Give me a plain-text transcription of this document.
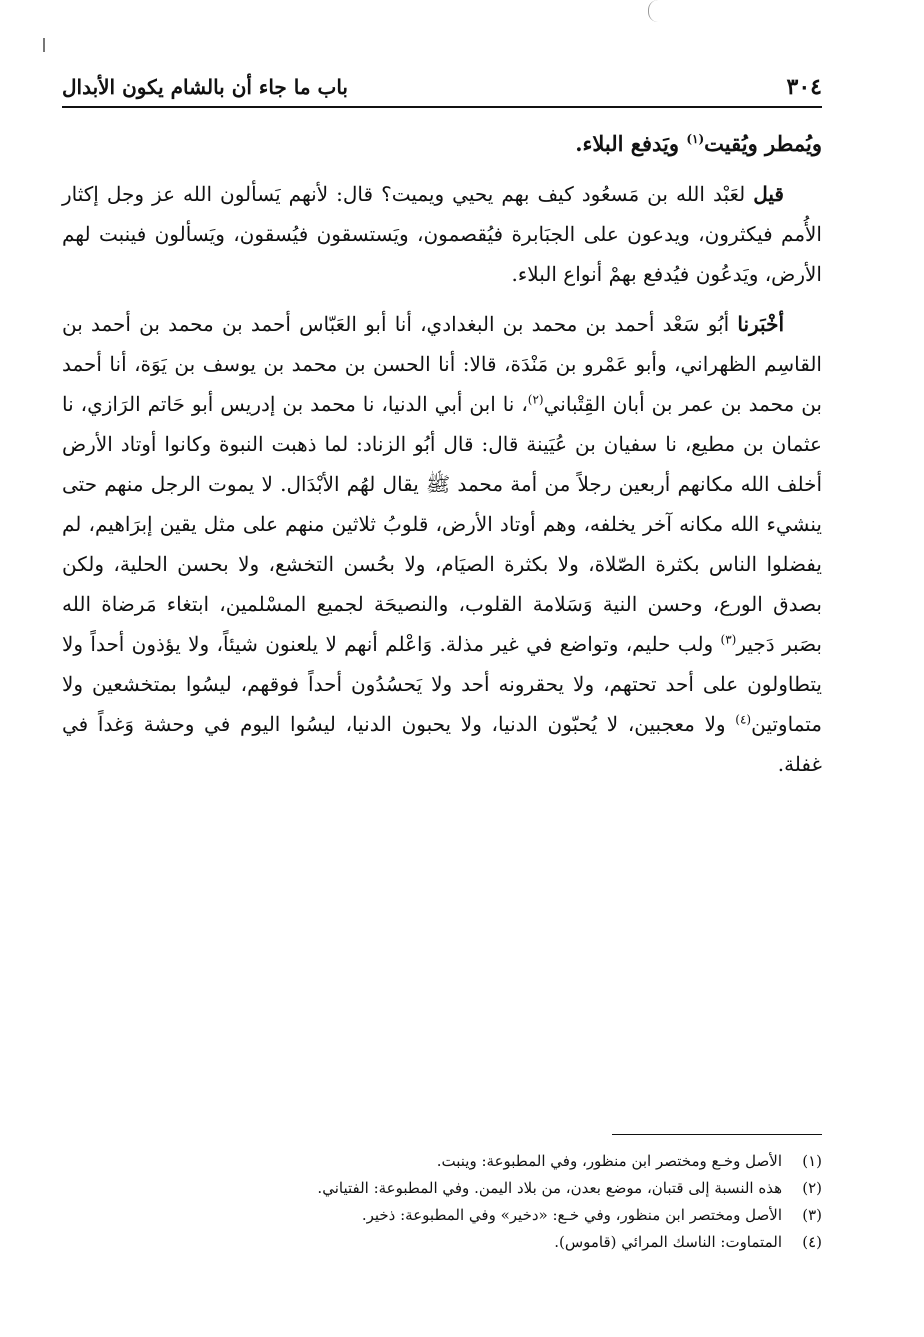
٣٠٤
باب ما جاء أن بالشام يكون الأبدال

ويُمطر ويُقيت$^{(١)}$ ويَدفع البلاء.

قيل لعَبْد الله بن مَسعُود كيف بهم يحيي ويميت؟ قال: لأنهم يَسألون الله عز وجل إكثار الأُمم فيكثرون، ويدعون على الجبَابرة فيُقصمون، ويَستسقون فيُسقون، ويَسألون فينبت لهم الأرض، ويَدعُون فيُدفع بهمْ أنواع البلاء.

أخْبَرنا أبُو سَعْد أحمد بن محمد بن البغدادي، أنا أبو العَبّاس أحمد بن محمد بن أحمد بن القاسِم الظهراني، وأبو عَمْرو بن مَنْدَة، قالا: أنا الحسن بن محمد بن يوسف بن يَوَة، أنا أحمد بن محمد بن عمر بن أبان القِتْباني$^{(٢)}$، نا ابن أبي الدنيا، نا محمد بن إدريس أبو حَاتم الرَازي، نا عثمان بن مطيع، نا سفيان بن عُيَينة قال: قال أبُو الزناد: لما ذهبت النبوة وكانوا أوتاد الأرض أخلف الله مكانهم أربعين رجلاً من أمة محمد ﷺ يقال لهُم الأبْدَال. لا يموت الرجل منهم حتى ينشيء الله مكانه آخر يخلفه، وهم أوتاد الأرض، قلوبُ ثلاثين منهم على مثل يقين إبرَاهيم، لم يفضلوا الناس بكثرة الصّلاة، ولا بكثرة الصيَام، ولا بحُسن التخشع، ولا بحسن الحلية، ولكن بصدق الورع، وحسن النية وَسَلامة القلوب، والنصيحَة لجميع المسْلمين، ابتغاء مَرضاة الله بصَبر دَجير$^{(٣)}$ ولب حليم، وتواضع في غير مذلة. وَاعْلم أنهم لا يلعنون شيئاً، ولا يؤذون أحداً ولا يتطاولون على أحد تحتهم، ولا يحقرونه أحد ولا يَحسُدُون أحداً فوقهم، ليسُوا بمتخشعين ولا متماوتين$^{(٤)}$ ولا معجبين، لا يُحبّون الدنيا، ولا يحبون الدنيا، ليسُوا اليوم في وحشة وَغداً في غفلة.

(١)
الأصل وخـع ومختصر ابن منظور، وفي المطبوعة: وينبت.
(٢)
هذه النسبة إلى قتبان، موضع بعدن، من بلاد اليمن. وفي المطبوعة: الفتياني.
(٣)
الأصل ومختصر ابن منظور، وفي خـع: «دخير» وفي المطبوعة: ذخير.
(٤)
المتماوت: الناسك المرائي (قاموس).
